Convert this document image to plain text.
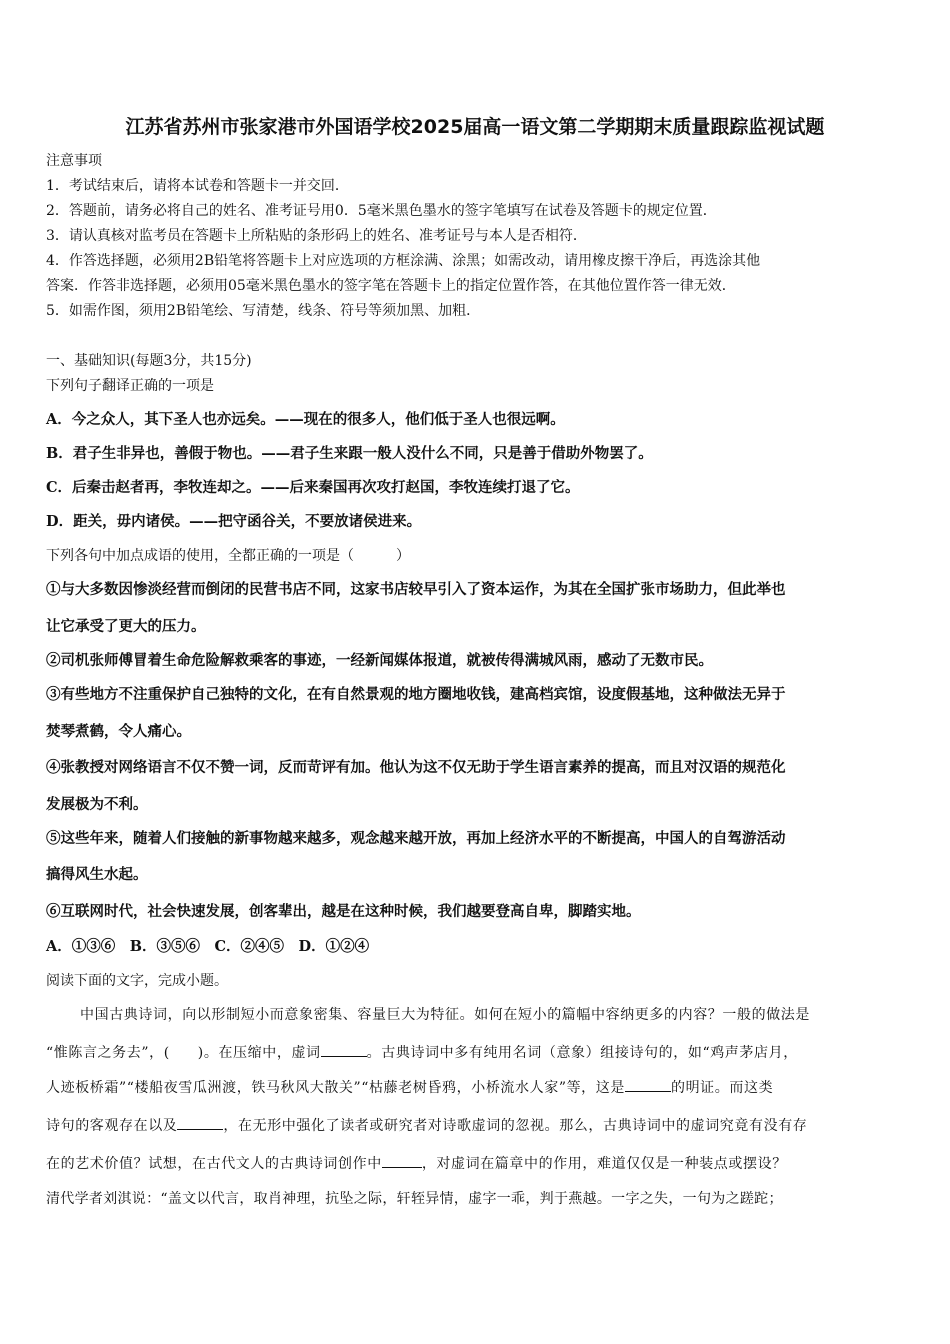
江苏省苏州市张家港市外国语学校2025届高一语文第二学期期末质量跟踪监视试题
注意事项
1．考试结束后，请将本试卷和答题卡一并交回．
2．答题前，请务必将自己的姓名、准考证号用0．5毫米黑色墨水的签字笔填写在试卷及答题卡的规定位置．
3．请认真核对监考员在答题卡上所粘贴的条形码上的姓名、准考证号与本人是否相符．
4．作答选择题，必须用2B铅笔将答题卡上对应选项的方框涂满、涂黑；如需改动，请用橡皮擦干净后，再选涂其他
答案．作答非选择题，必须用05毫米黑色墨水的签字笔在答题卡上的指定位置作答，在其他位置作答一律无效．
5．如需作图，须用2B铅笔绘、写清楚，线条、符号等须加黑、加粗．
一、基础知识(每题3分，共15分)
下列句子翻译正确的一项是
A．今之众人，其下圣人也亦远矣。——现在的很多人，他们低于圣人也很远啊。
B．君子生非异也，善假于物也。——君子生来跟一般人没什么不同，只是善于借助外物罢了。
C．后秦击赵者再，李牧连却之。——后来秦国再次攻打赵国，李牧连续打退了它。
D．距关，毋内诸侯。——把守函谷关，不要放诸侯进来。
下列各句中加点成语的使用，全都正确的一项是（　　　）
①与大多数因惨淡经营而倒闭的民营书店不同，这家书店较早引入了资本运作，为其在全国扩张市场助力，但此举也
让它承受了更大的压力。
②司机张师傅冒着生命危险解救乘客的事迹，一经新闻媒体报道，就被传得满城风雨，感动了无数市民。
③有些地方不注重保护自己独特的文化，在有自然景观的地方圈地收钱，建高档宾馆，设度假基地，这种做法无异于
焚琴煮鹤，令人痛心。
④张教授对网络语言不仅不赞一词，反而苛评有加。他认为这不仅无助于学生语言素养的提高，而且对汉语的规范化
发展极为不利。
⑤这些年来，随着人们接触的新事物越来越多，观念越来越开放，再加上经济水平的不断提高，中国人的自驾游活动
搞得风生水起。
⑥互联网时代，社会快速发展，创客辈出，越是在这种时候，我们越要登高自卑，脚踏实地。
A．①③⑥　B．③⑤⑥　C．②④⑤　D．①②④
阅读下面的文字，完成小题。
中国古典诗词，向以形制短小而意象密集、容量巨大为特征。如何在短小的篇幅中容纳更多的内容？一般的做法是
“惟陈言之务去”，( )。在压缩中，虚词	。古典诗词中多有纯用名词（意象）组接诗句的，如“鸡声茅店月，
人迹板桥霜”“楼船夜雪瓜洲渡，铁马秋风大散关”“枯藤老树昏鸦，小桥流水人家”等，这是	的明证。而这类
诗句的客观存在以及	，在无形中强化了读者或研究者对诗歌虚词的忽视。那么，古典诗词中的虚词究竟有没有存
在的艺术价值？试想，在古代文人的古典诗词创作中	，对虚词在篇章中的作用，难道仅仅是一种装点或摆设？
清代学者刘淇说：“盖文以代言，取肖神理，抗坠之际，轩轾异情，虚字一乖，判于燕越。一字之失，一句为之蹉跎；
